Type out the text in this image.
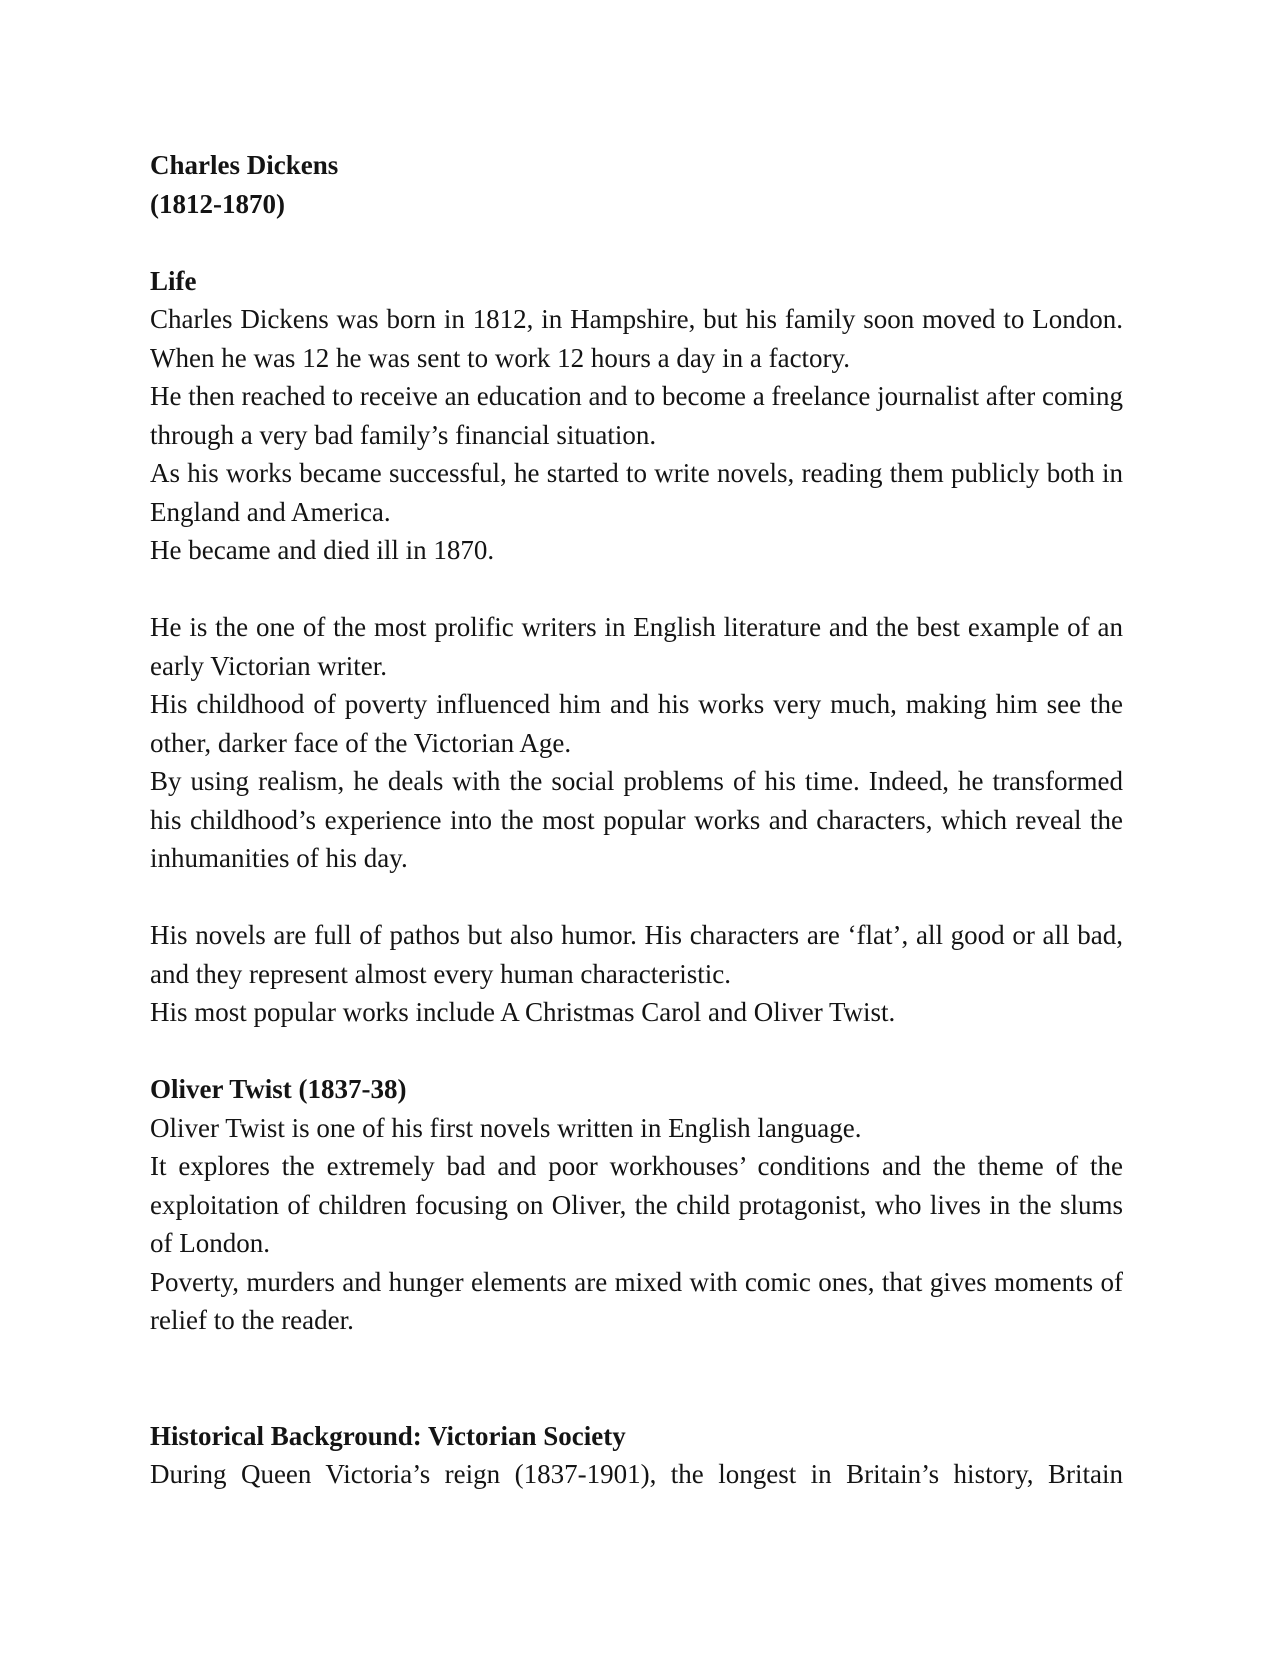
Charles Dickens
(1812-1870)
Life

Charles Dickens was born in 1812, in Hampshire, but his family soon moved to London. When he was 12 he was sent to work 12 hours a day in a factory.

He then reached to receive an education and to become a freelance journalist after coming through a very bad family’s financial situation.

As his works became successful, he started to write novels, reading them publicly both in England and America.

He became and died ill in 1870.

He is the one of the most prolific writers in English literature and the best example of an early Victorian writer.

His childhood of poverty influenced him and his works very much, making him see the other, darker face of the Victorian Age.

By using realism, he deals with the social problems of his time. Indeed, he transformed his childhood’s experience into the most popular works and characters, which reveal the inhumanities of his day.

His novels are full of pathos but also humor. His characters are ‘flat’, all good or all bad, and they represent almost every human characteristic.

His most popular works include A Christmas Carol and Oliver Twist.

Oliver Twist (1837-38)

Oliver Twist is one of his first novels written in English language.

It explores the extremely bad and poor workhouses’ conditions and the theme of the exploitation of children focusing on Oliver, the child protagonist, who lives in the slums of London.

Poverty, murders and hunger elements are mixed with comic ones, that gives moments of relief to the reader.

Historical Background: Victorian Society

During Queen Victoria’s reign (1837-1901), the longest in Britain’s history, Britain
